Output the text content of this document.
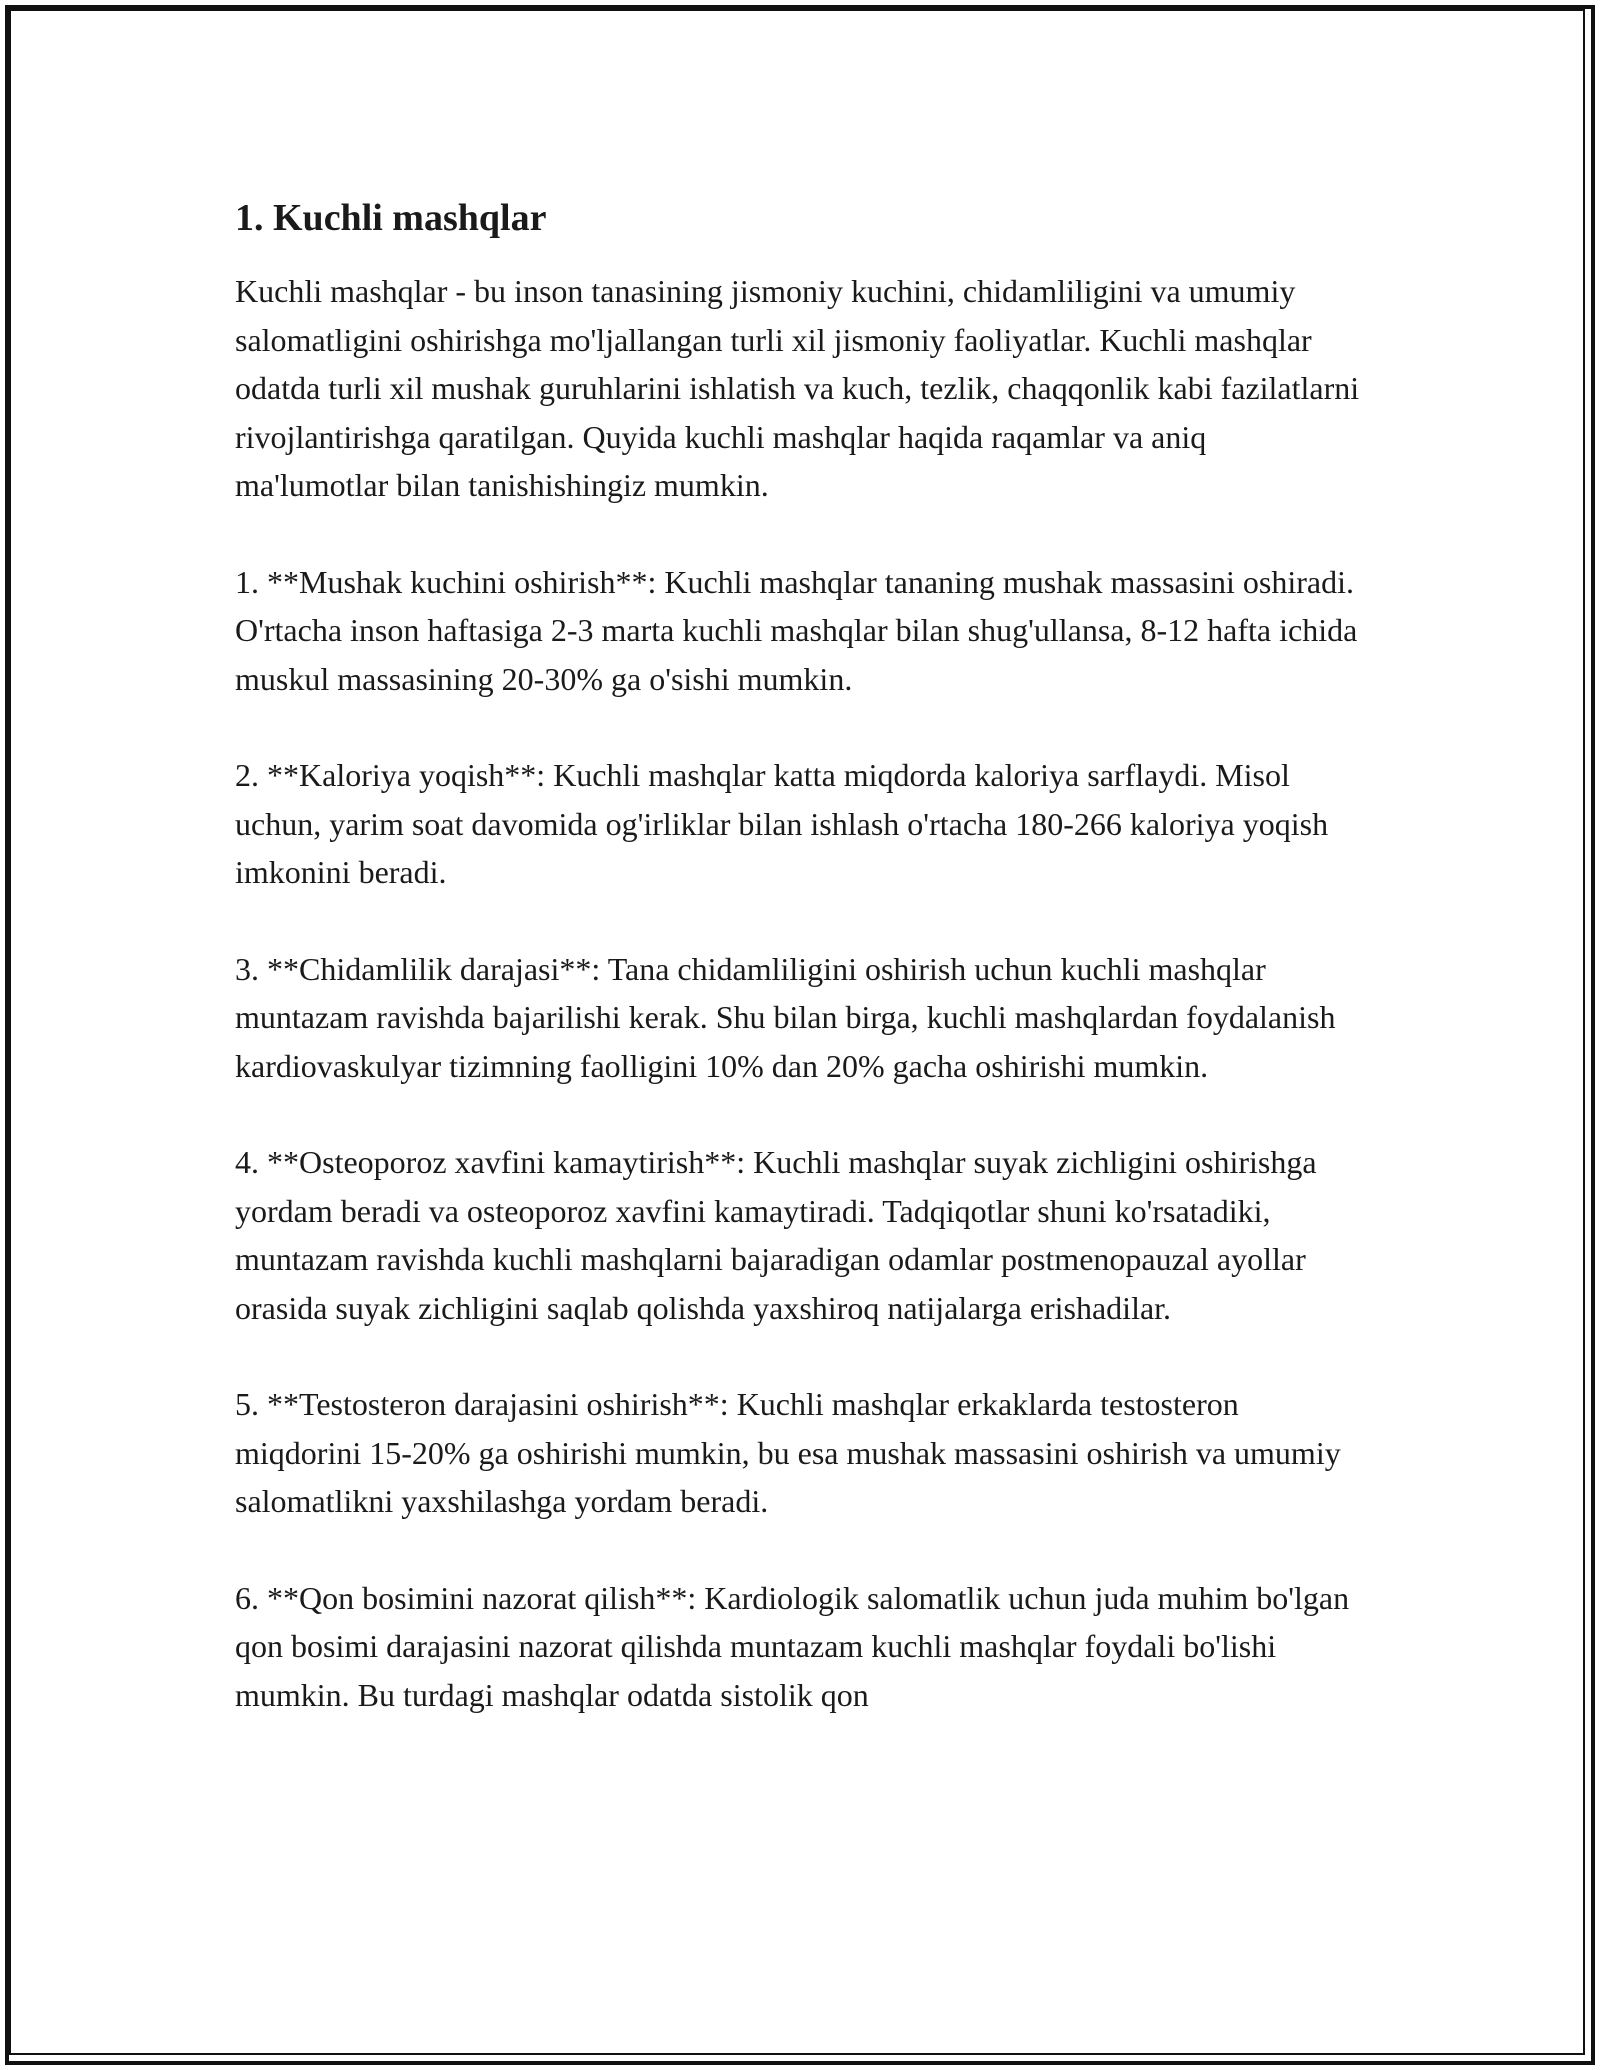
1. Kuchli mashqlar

Kuchli mashqlar - bu inson tanasining jismoniy kuchini, chidamliligini va umumiy salomatligini oshirishga mo'ljallangan turli xil jismoniy faoliyatlar. Kuchli mashqlar odatda turli xil mushak guruhlarini ishlatish va kuch, tezlik, chaqqonlik kabi fazilatlarni rivojlantirishga qaratilgan. Quyida kuchli mashqlar haqida raqamlar va aniq ma'lumotlar bilan tanishishingiz mumkin.

1. **Mushak kuchini oshirish**: Kuchli mashqlar tananing mushak massasini oshiradi. O'rtacha inson haftasiga 2-3 marta kuchli mashqlar bilan shug'ullansa, 8-12 hafta ichida muskul massasining 20-30% ga o'sishi mumkin.

2. **Kaloriya yoqish**: Kuchli mashqlar katta miqdorda kaloriya sarflaydi. Misol uchun, yarim soat davomida og'irliklar bilan ishlash o'rtacha 180-266 kaloriya yoqish imkonini beradi.

3. **Chidamlilik darajasi**: Tana chidamliligini oshirish uchun kuchli mashqlar muntazam ravishda bajarilishi kerak. Shu bilan birga, kuchli mashqlardan foydalanish kardiovaskulyar tizimning faolligini 10% dan 20% gacha oshirishi mumkin.

4. **Osteoporoz xavfini kamaytirish**: Kuchli mashqlar suyak zichligini oshirishga yordam beradi va osteoporoz xavfini kamaytiradi. Tadqiqotlar shuni ko'rsatadiki, muntazam ravishda kuchli mashqlarni bajaradigan odamlar postmenopauzal ayollar orasida suyak zichligini saqlab qolishda yaxshiroq natijalarga erishadilar.

5. **Testosteron darajasini oshirish**: Kuchli mashqlar erkaklarda testosteron miqdorini 15-20% ga oshirishi mumkin, bu esa mushak massasini oshirish va umumiy salomatlikni yaxshilashga yordam beradi.

6. **Qon bosimini nazorat qilish**: Kardiologik salomatlik uchun juda muhim bo'lgan qon bosimi darajasini nazorat qilishda muntazam kuchli mashqlar foydali bo'lishi mumkin. Bu turdagi mashqlar odatda sistolik qon
